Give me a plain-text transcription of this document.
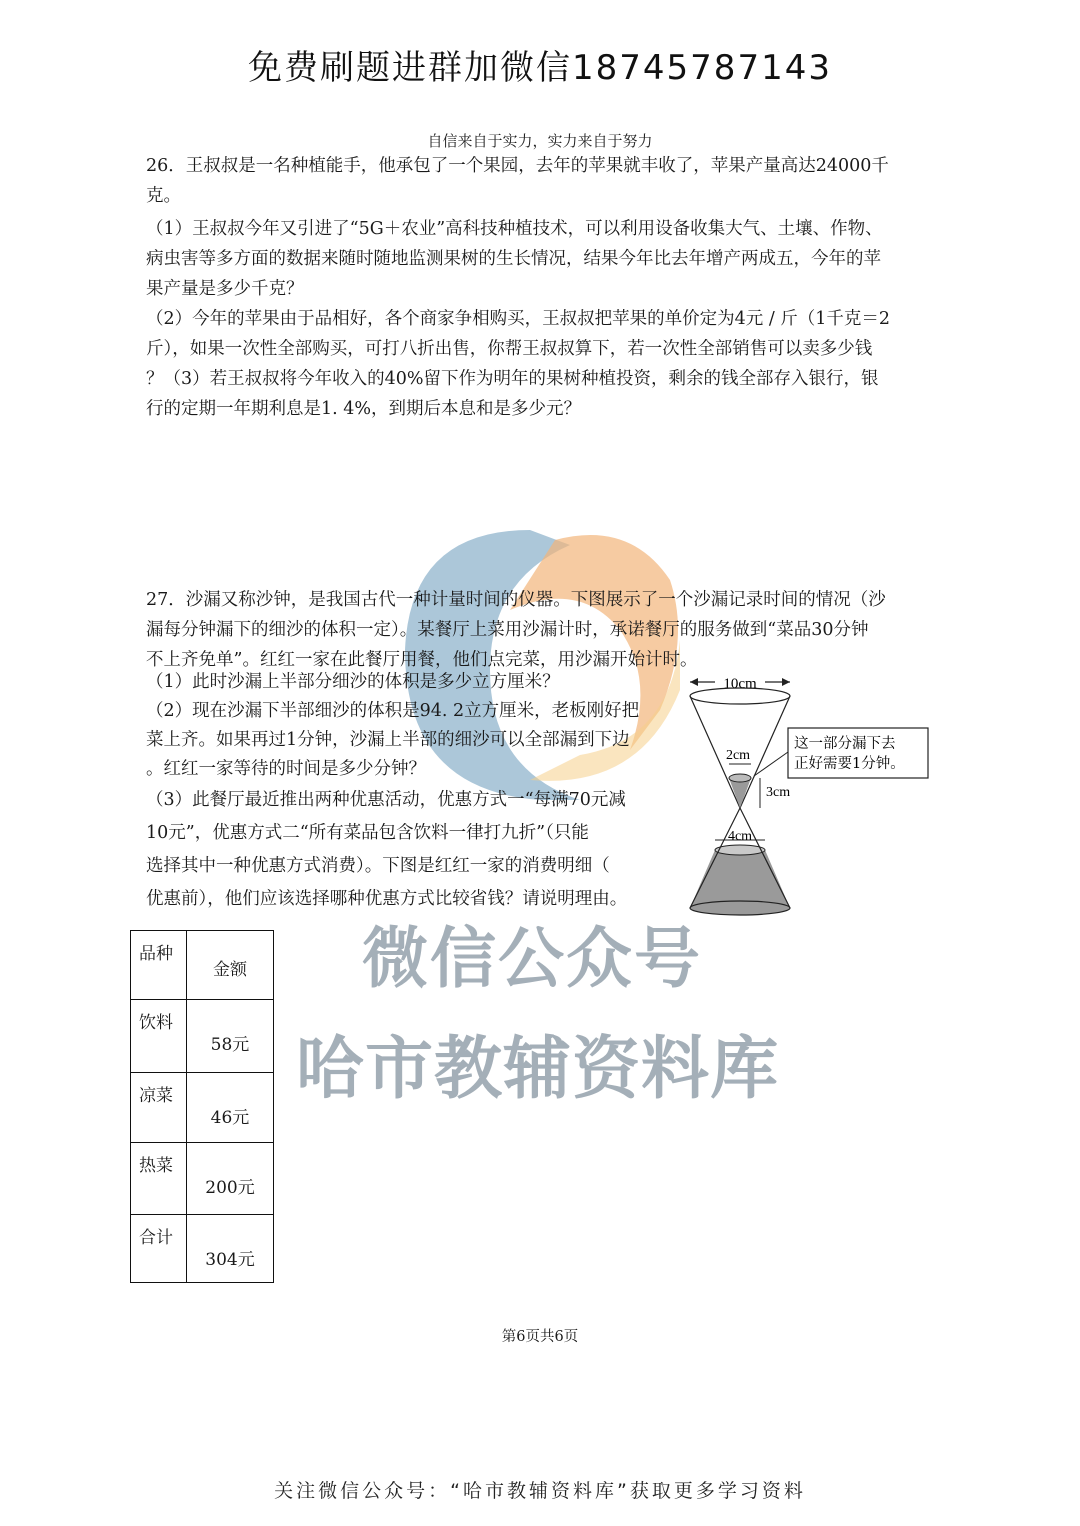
免费刷题进群加微信18745787143
自信来自于实力，实力来自于努力
26．王叔叔是一名种植能手，他承包了一个果园，去年的苹果就丰收了，苹果产量高达24000千
克。
（1）王叔叔今年又引进了“5G＋农业”高科技种植技术，可以利用设备收集大气、土壤、作物、
病虫害等多方面的数据来随时随地监测果树的生长情况，结果今年比去年增产两成五，今年的苹
果产量是多少千克？
（2）今年的苹果由于品相好，各个商家争相购买，王叔叔把苹果的单价定为4元 / 斤（1千克＝2
斤），如果一次性全部购买，可打八折出售，你帮王叔叔算下，若一次性全部销售可以卖多少钱
？（3）若王叔叔将今年收入的40%留下作为明年的果树种植投资，剩余的钱全部存入银行，银
行的定期一年期利息是1. 4%，到期后本息和是多少元？
27．沙漏又称沙钟，是我国古代一种计量时间的仪器。下图展示了一个沙漏记录时间的情况（沙
漏每分钟漏下的细沙的体积一定）。某餐厅上菜用沙漏计时，承诺餐厅的服务做到“菜品30分钟
不上齐免单”。红红一家在此餐厅用餐，他们点完菜，用沙漏开始计时。
（1）此时沙漏上半部分细沙的体积是多少立方厘米？
（2）现在沙漏下半部细沙的体积是94. 2立方厘米，老板刚好把
菜上齐。如果再过1分钟，沙漏上半部的细沙可以全部漏到下边
。红红一家等待的时间是多少分钟？
（3）此餐厅最近推出两种优惠活动，优惠方式一“每满70元减
10元”，优惠方式二“所有菜品包含饮料一律打九折”（只能
选择其中一种优惠方式消费）。下图是红红一家的消费明细（
优惠前），他们应该选择哪种优惠方式比较省钱？请说明理由。
10cm
2cm
3cm
这一部分漏下去
正好需要1分钟。
4cm
微信公众号
哈市教辅资料库
品种	金额

饮料	58元

凉菜	46元

热菜	200元

合计	304元
第6页共6页
关注微信公众号：“哈市教辅资料库”获取更多学习资料
